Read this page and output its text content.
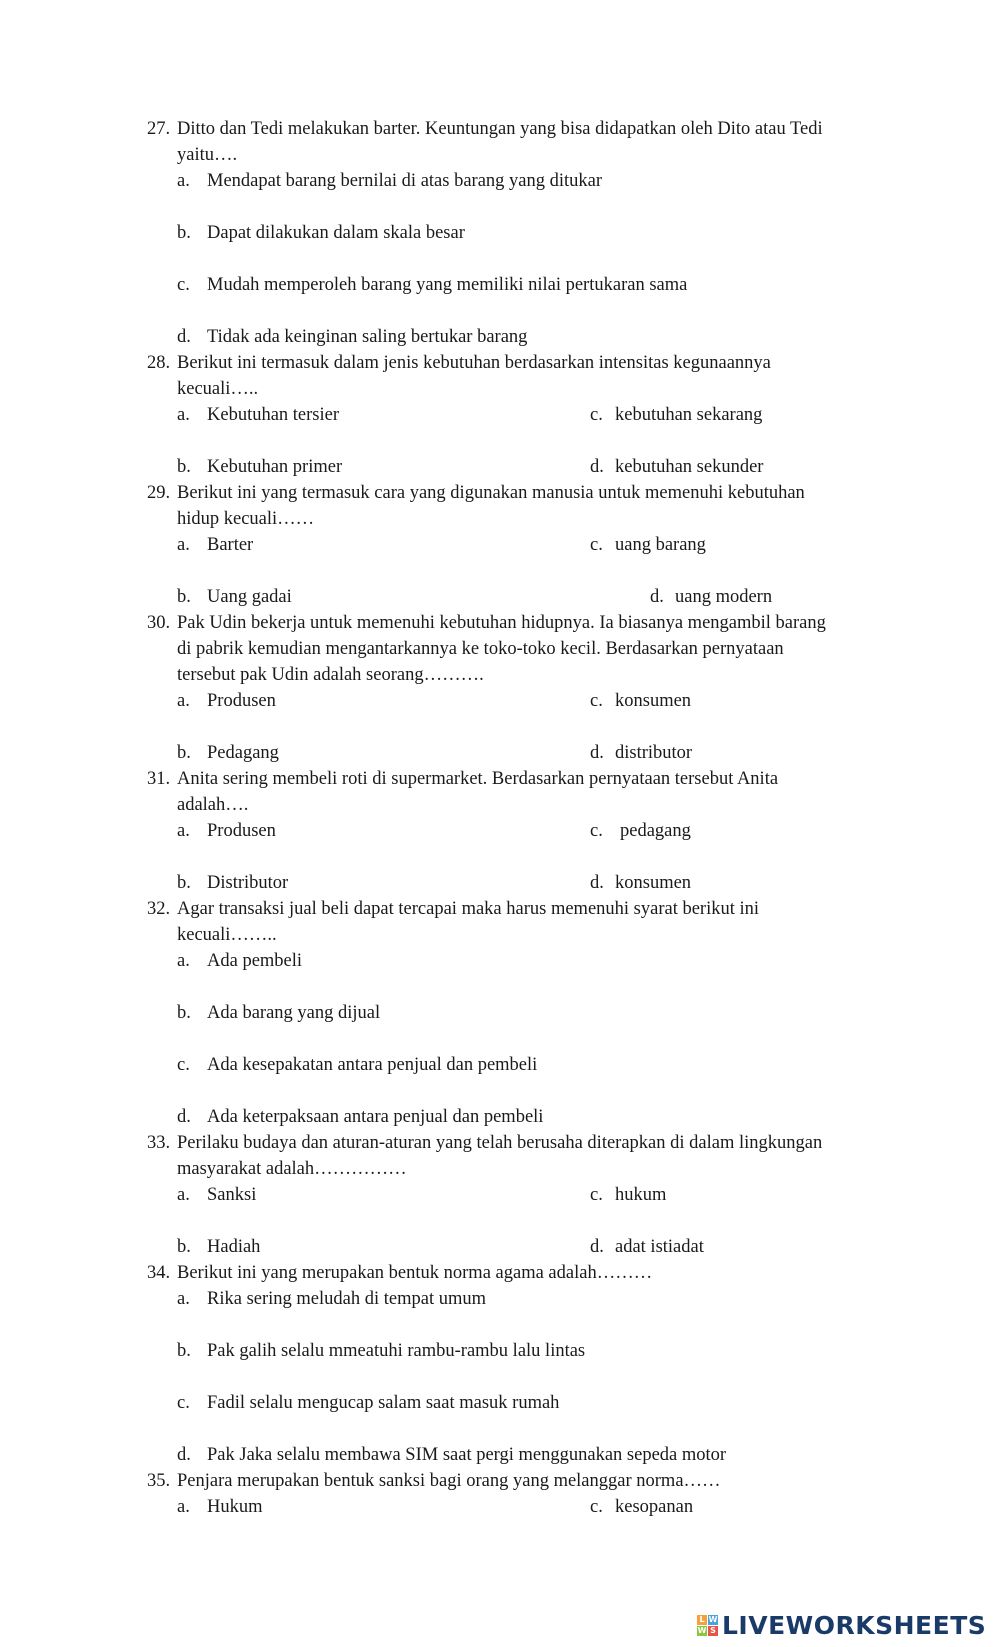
27. Ditto dan Tedi melakukan barter. Keuntungan yang bisa didapatkan oleh Dito atau Tedi
yaitu….
a. Mendapat barang bernilai di atas barang yang ditukar
b. Dapat dilakukan dalam skala besar
c. Mudah memperoleh barang yang memiliki nilai pertukaran sama
d. Tidak ada keinginan saling bertukar barang
28. Berikut ini termasuk dalam jenis kebutuhan berdasarkan intensitas kegunaannya
kecuali…..
a. Kebutuhan tersier	c. kebutuhan sekarang
b. Kebutuhan primer	d. kebutuhan sekunder
29. Berikut ini yang termasuk cara yang digunakan manusia untuk memenuhi kebutuhan
hidup kecuali……
a. Barter	c. uang barang
b. Uang gadai	d. uang modern
30. Pak Udin bekerja untuk memenuhi kebutuhan hidupnya. Ia biasanya mengambil barang
di pabrik kemudian mengantarkannya ke toko-toko kecil. Berdasarkan pernyataan
tersebut pak Udin adalah seorang……….
a. Produsen	c. konsumen
b. Pedagang	d. distributor
31. Anita sering membeli roti di supermarket. Berdasarkan pernyataan tersebut Anita
adalah….
a. Produsen	c. pedagang
b. Distributor	d. konsumen
32. Agar transaksi jual beli dapat tercapai maka harus memenuhi syarat berikut ini
kecuali……..
a. Ada pembeli
b. Ada barang yang dijual
c. Ada kesepakatan antara penjual dan pembeli
d. Ada keterpaksaan antara penjual dan pembeli
33. Perilaku budaya dan aturan-aturan yang telah berusaha diterapkan di dalam lingkungan
masyarakat adalah……………
a. Sanksi	c. hukum
b. Hadiah	d. adat istiadat
34. Berikut ini yang merupakan bentuk norma agama adalah………
a. Rika sering meludah di tempat umum
b. Pak galih selalu mmeatuhi rambu-rambu lalu lintas
c. Fadil selalu mengucap salam saat masuk rumah
d. Pak Jaka selalu membawa SIM saat pergi menggunakan sepeda motor
35. Penjara merupakan bentuk sanksi bagi orang yang melanggar norma……
a. Hukum	c. kesopanan
L W
W S LIVEWORKSHEETS
